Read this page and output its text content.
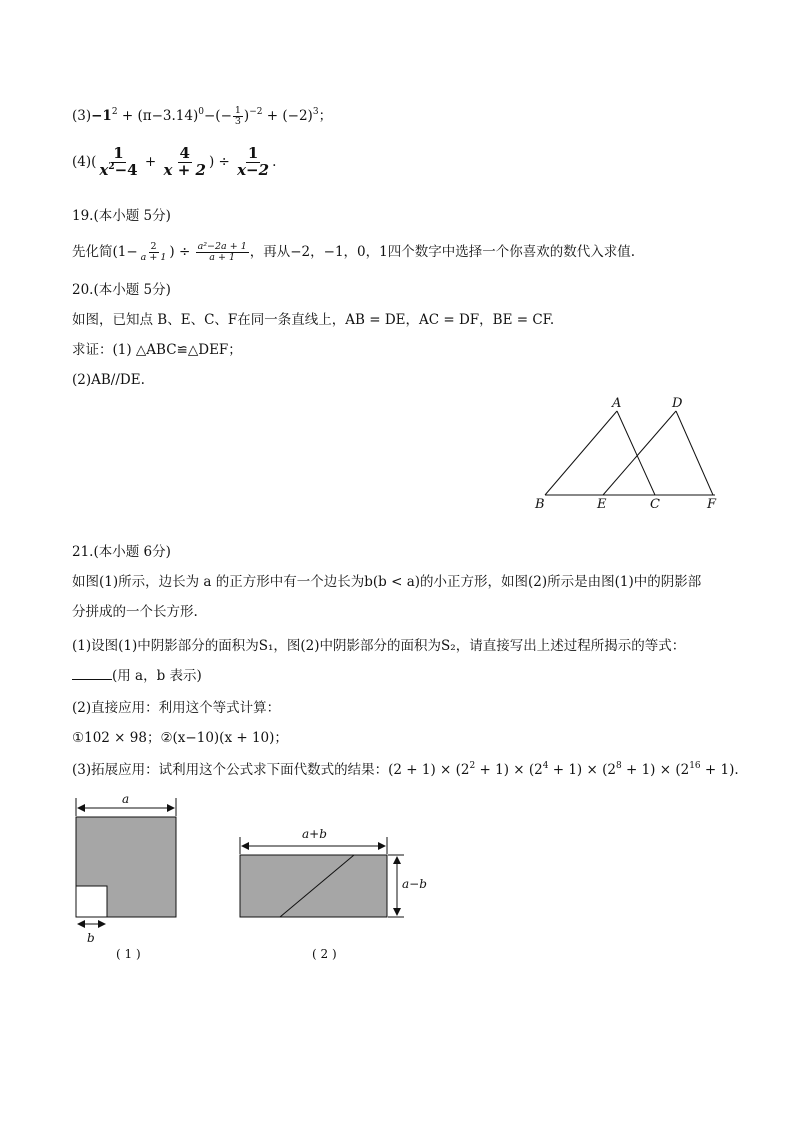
$(3)-1^2 + (\pi-3.14)^0-(- \frac{1}{3} )^{-2} + (-2)^3$；
$(4)( \frac{1}{x^2-4} + \frac{4}{x + 2}$ ) ÷ $\frac{1}{x-2}$ .
19.(本小题 5分)
先化简($1- \frac{2}{a + 1}$ ) ÷ $\frac{\text{a²−2a + 1}}{a + 1}$ ，再从−2，−1，0，1四个数字中选择一个你喜欢的数代入求值.
20.(本小题 5分)
如图，已知点 B、E、C、F在同一条直线上，AB = DE，AC = DF，BE = CF.
求证：(1) △ABC≌△DEF；
(2)AB//DE.
A	D
B	E	C	F
21.(本小题 6分)
如图(1)所示，边长为 a 的正方形中有一个边长为b(b < a)的小正方形，如图(2)所示是由图(1)中的阴影部
分拼成的一个长方形.
(1)设图(1)中阴影部分的面积为S₁，图(2)中阴影部分的面积为S₂，请直接写出上述过程所揭示的等式：
(用 a，b 表示)
(2)直接应用：利用这个等式计算：
①102 × 98；②(x−10)(x + 10)；
(3)拓展应用：试利用这个公式求下面代数式的结果：$(2 + 1) \times (2^2 + 1) \times (2^4 + 1) \times (2^8 + 1) \times (2^{16} + 1)$.
a
b
( 1 )
a+b
a−b
( 2 )
